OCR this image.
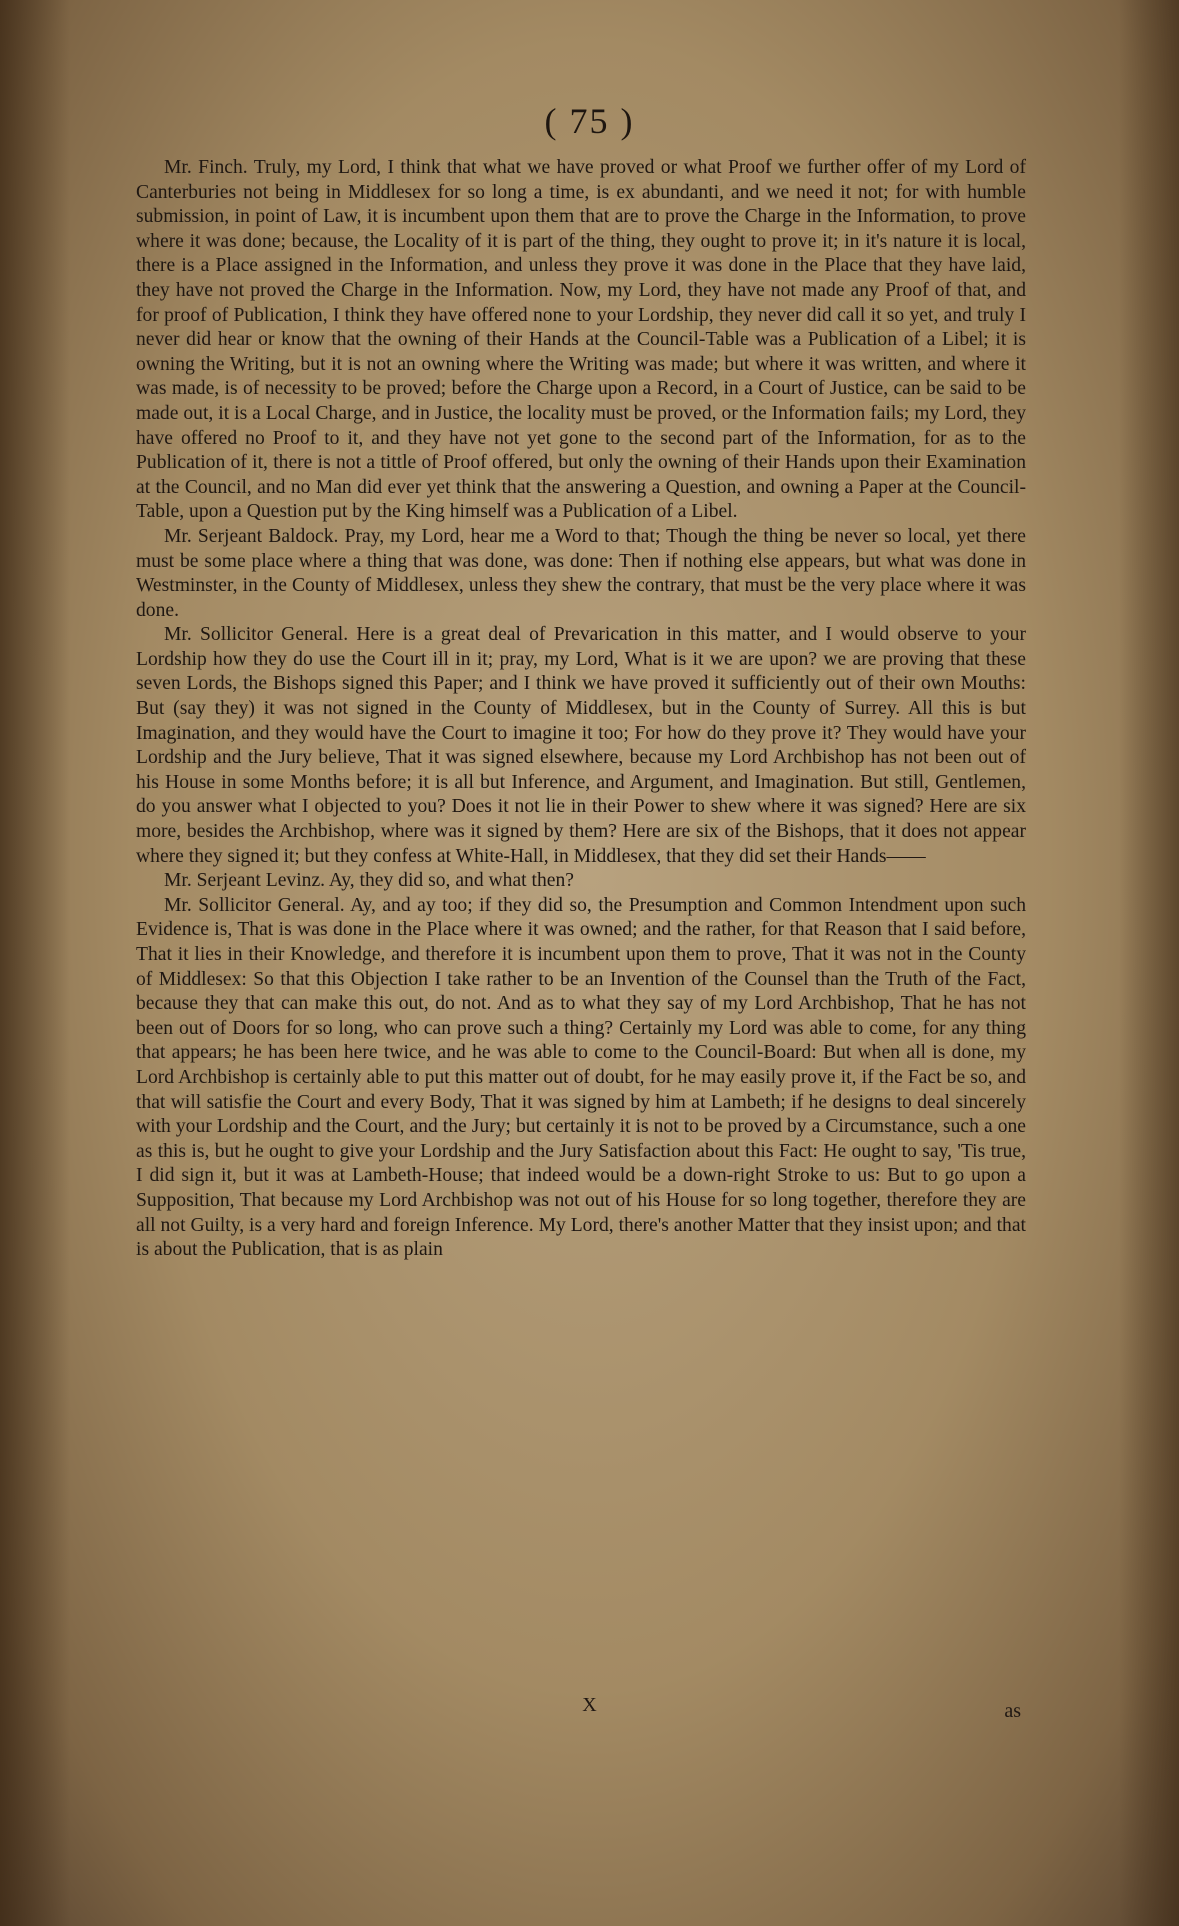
( 75 )

Mr. Finch. Truly, my Lord, I think that what we have proved or what Proof we further offer of my Lord of Canterburies not being in Middlesex for so long a time, is ex abundanti, and we need it not; for with humble submission, in point of Law, it is incumbent upon them that are to prove the Charge in the Information, to prove where it was done; because, the Locality of it is part of the thing, they ought to prove it; in it's nature it is local, there is a Place assigned in the Information, and unless they prove it was done in the Place that they have laid, they have not proved the Charge in the Information. Now, my Lord, they have not made any Proof of that, and for proof of Publication, I think they have offered none to your Lordship, they never did call it so yet, and truly I never did hear or know that the owning of their Hands at the Council-Table was a Publication of a Libel; it is owning the Writing, but it is not an owning where the Writing was made; but where it was written, and where it was made, is of necessity to be proved; before the Charge upon a Record, in a Court of Justice, can be said to be made out, it is a Local Charge, and in Justice, the locality must be proved, or the Information fails; my Lord, they have offered no Proof to it, and they have not yet gone to the second part of the Information, for as to the Publication of it, there is not a tittle of Proof offered, but only the owning of their Hands upon their Examination at the Council, and no Man did ever yet think that the answering a Question, and owning a Paper at the Council-Table, upon a Question put by the King himself was a Publication of a Libel.

Mr. Serjeant Baldock. Pray, my Lord, hear me a Word to that; Though the thing be never so local, yet there must be some place where a thing that was done, was done: Then if nothing else appears, but what was done in Westminster, in the County of Middlesex, unless they shew the contrary, that must be the very place where it was done.

Mr. Sollicitor General. Here is a great deal of Prevarication in this matter, and I would observe to your Lordship how they do use the Court ill in it; pray, my Lord, What is it we are upon? we are proving that these seven Lords, the Bishops signed this Paper; and I think we have proved it sufficiently out of their own Mouths: But (say they) it was not signed in the County of Middlesex, but in the County of Surrey. All this is but Imagination, and they would have the Court to imagine it too; For how do they prove it? They would have your Lordship and the Jury believe, That it was signed elsewhere, because my Lord Archbishop has not been out of his House in some Months before; it is all but Inference, and Argument, and Imagination. But still, Gentlemen, do you answer what I objected to you? Does it not lie in their Power to shew where it was signed? Here are six more, besides the Archbishop, where was it signed by them? Here are six of the Bishops, that it does not appear where they signed it; but they confess at White-Hall, in Middlesex, that they did set their Hands——

Mr. Serjeant Levinz. Ay, they did so, and what then?

Mr. Sollicitor General. Ay, and ay too; if they did so, the Presumption and Common Intendment upon such Evidence is, That is was done in the Place where it was owned; and the rather, for that Reason that I said before, That it lies in their Knowledge, and therefore it is incumbent upon them to prove, That it was not in the County of Middlesex: So that this Objection I take rather to be an Invention of the Counsel than the Truth of the Fact, because they that can make this out, do not. And as to what they say of my Lord Archbishop, That he has not been out of Doors for so long, who can prove such a thing? Certainly my Lord was able to come, for any thing that appears; he has been here twice, and he was able to come to the Council-Board: But when all is done, my Lord Archbishop is certainly able to put this matter out of doubt, for he may easily prove it, if the Fact be so, and that will satisfie the Court and every Body, That it was signed by him at Lambeth; if he designs to deal sincerely with your Lordship and the Court, and the Jury; but certainly it is not to be proved by a Circumstance, such a one as this is, but he ought to give your Lordship and the Jury Satisfaction about this Fact: He ought to say, 'Tis true, I did sign it, but it was at Lambeth-House; that indeed would be a down-right Stroke to us: But to go upon a Supposition, That because my Lord Archbishop was not out of his House for so long together, therefore they are all not Guilty, is a very hard and foreign Inference. My Lord, there's another Matter that they insist upon; and that is about the Publication, that is as plain

X	as
